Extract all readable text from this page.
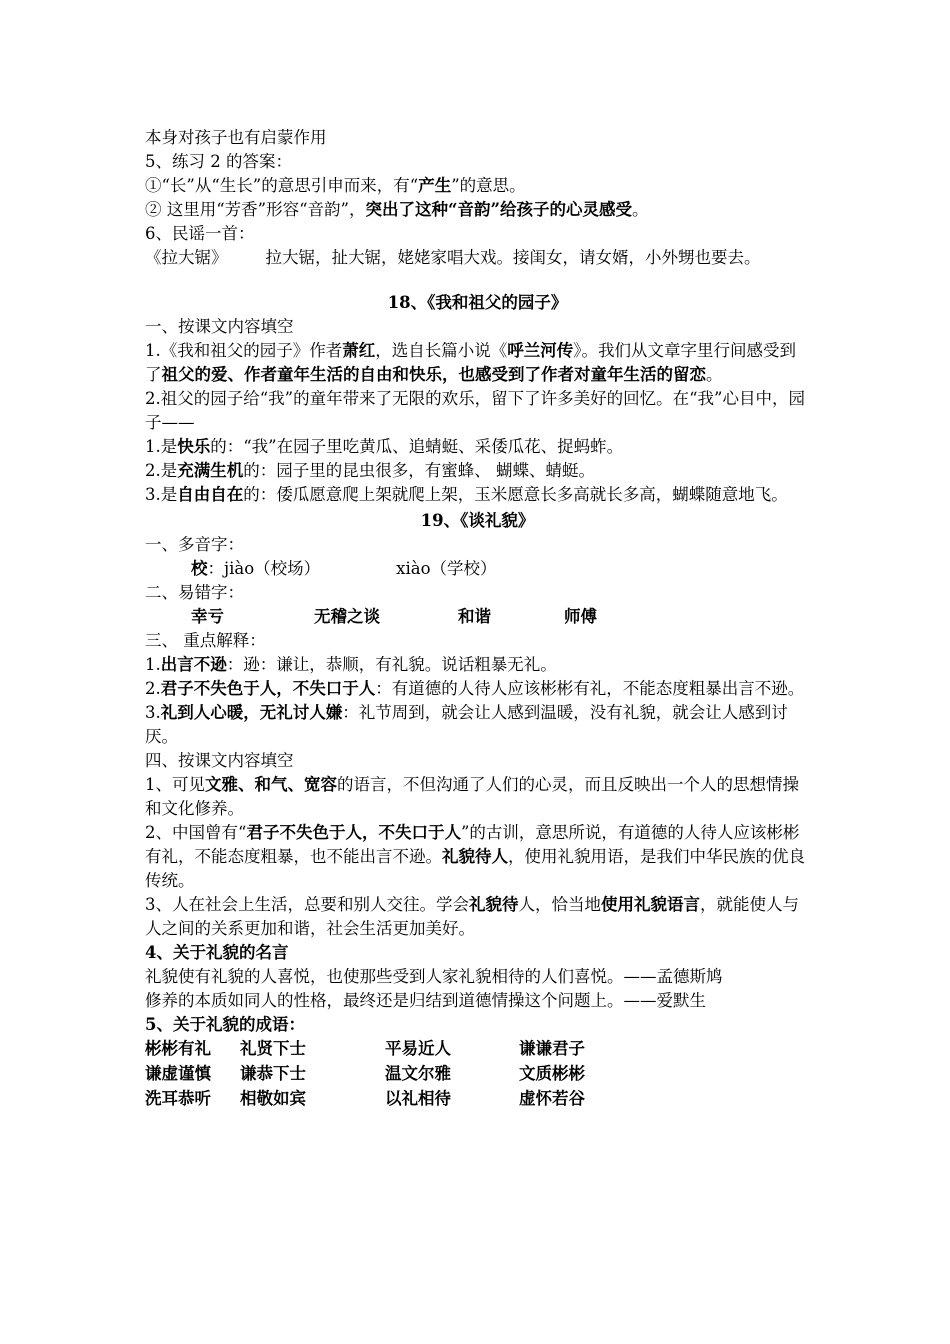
本身对孩子也有启蒙作用
5、练习 2 的答案：
①“长”从“生长”的意思引申而来，有“产生”的意思。
② 这里用“芳香”形容“音韵”，突出了这种“音韵”给孩子的心灵感受。
6、民谣一首：
《拉大锯》 拉大锯，扯大锯，姥姥家唱大戏。接闺女，请女婿，小外甥也要去。
18、《我和祖父的园子》
一、按课文内容填空
1.《我和祖父的园子》作者萧红，选自长篇小说《呼兰河传》。我们从文章字里行间感受到了祖父的爱、作者童年生活的自由和快乐，也感受到了作者对童年生活的留恋。
2.祖父的园子给“我”的童年带来了无限的欢乐，留下了许多美好的回忆。在“我”心目中，园子——
1.是快乐的：“我”在园子里吃黄瓜、追蜻蜓、采倭瓜花、捉蚂蚱。
2.是充满生机的：园子里的昆虫很多，有蜜蜂、 蝴蝶、蜻蜓。
3.是自由自在的：倭瓜愿意爬上架就爬上架，玉米愿意长多高就长多高，蝴蝶随意地飞。
19、《谈礼貌》
一、多音字：
校：jiào（校场）	xiào（学校）
二、易错字：
幸亏	无稽之谈	和谐	师傅
三、 重点解释：
1.出言不逊：逊：谦让，恭顺，有礼貌。说话粗暴无礼。
2.君子不失色于人，不失口于人：有道德的人待人应该彬彬有礼，不能态度粗暴出言不逊。
3.礼到人心暖，无礼讨人嫌：礼节周到，就会让人感到温暖，没有礼貌，就会让人感到讨厌。
四、按课文内容填空
1、可见文雅、和气、宽容的语言，不但沟通了人们的心灵，而且反映出一个人的思想情操和文化修养。
2、中国曾有“君子不失色于人，不失口于人”的古训，意思所说，有道德的人待人应该彬彬有礼，不能态度粗暴，也不能出言不逊。礼貌待人，使用礼貌用语，是我们中华民族的优良传统。
3、人在社会上生活，总要和别人交往。学会礼貌待人，恰当地使用礼貌语言，就能使人与人之间的关系更加和谐，社会生活更加美好。
4、关于礼貌的名言
礼貌使有礼貌的人喜悦，也使那些受到人家礼貌相待的人们喜悦。——孟德斯鸠
修养的本质如同人的性格，最终还是归结到道德情操这个问题上。——爱默生
5、关于礼貌的成语：
彬彬有礼	礼贤下士	平易近人	谦谦君子
谦虚谨慎	谦恭下士	温文尔雅	文质彬彬
洗耳恭听	相敬如宾	以礼相待	虚怀若谷
